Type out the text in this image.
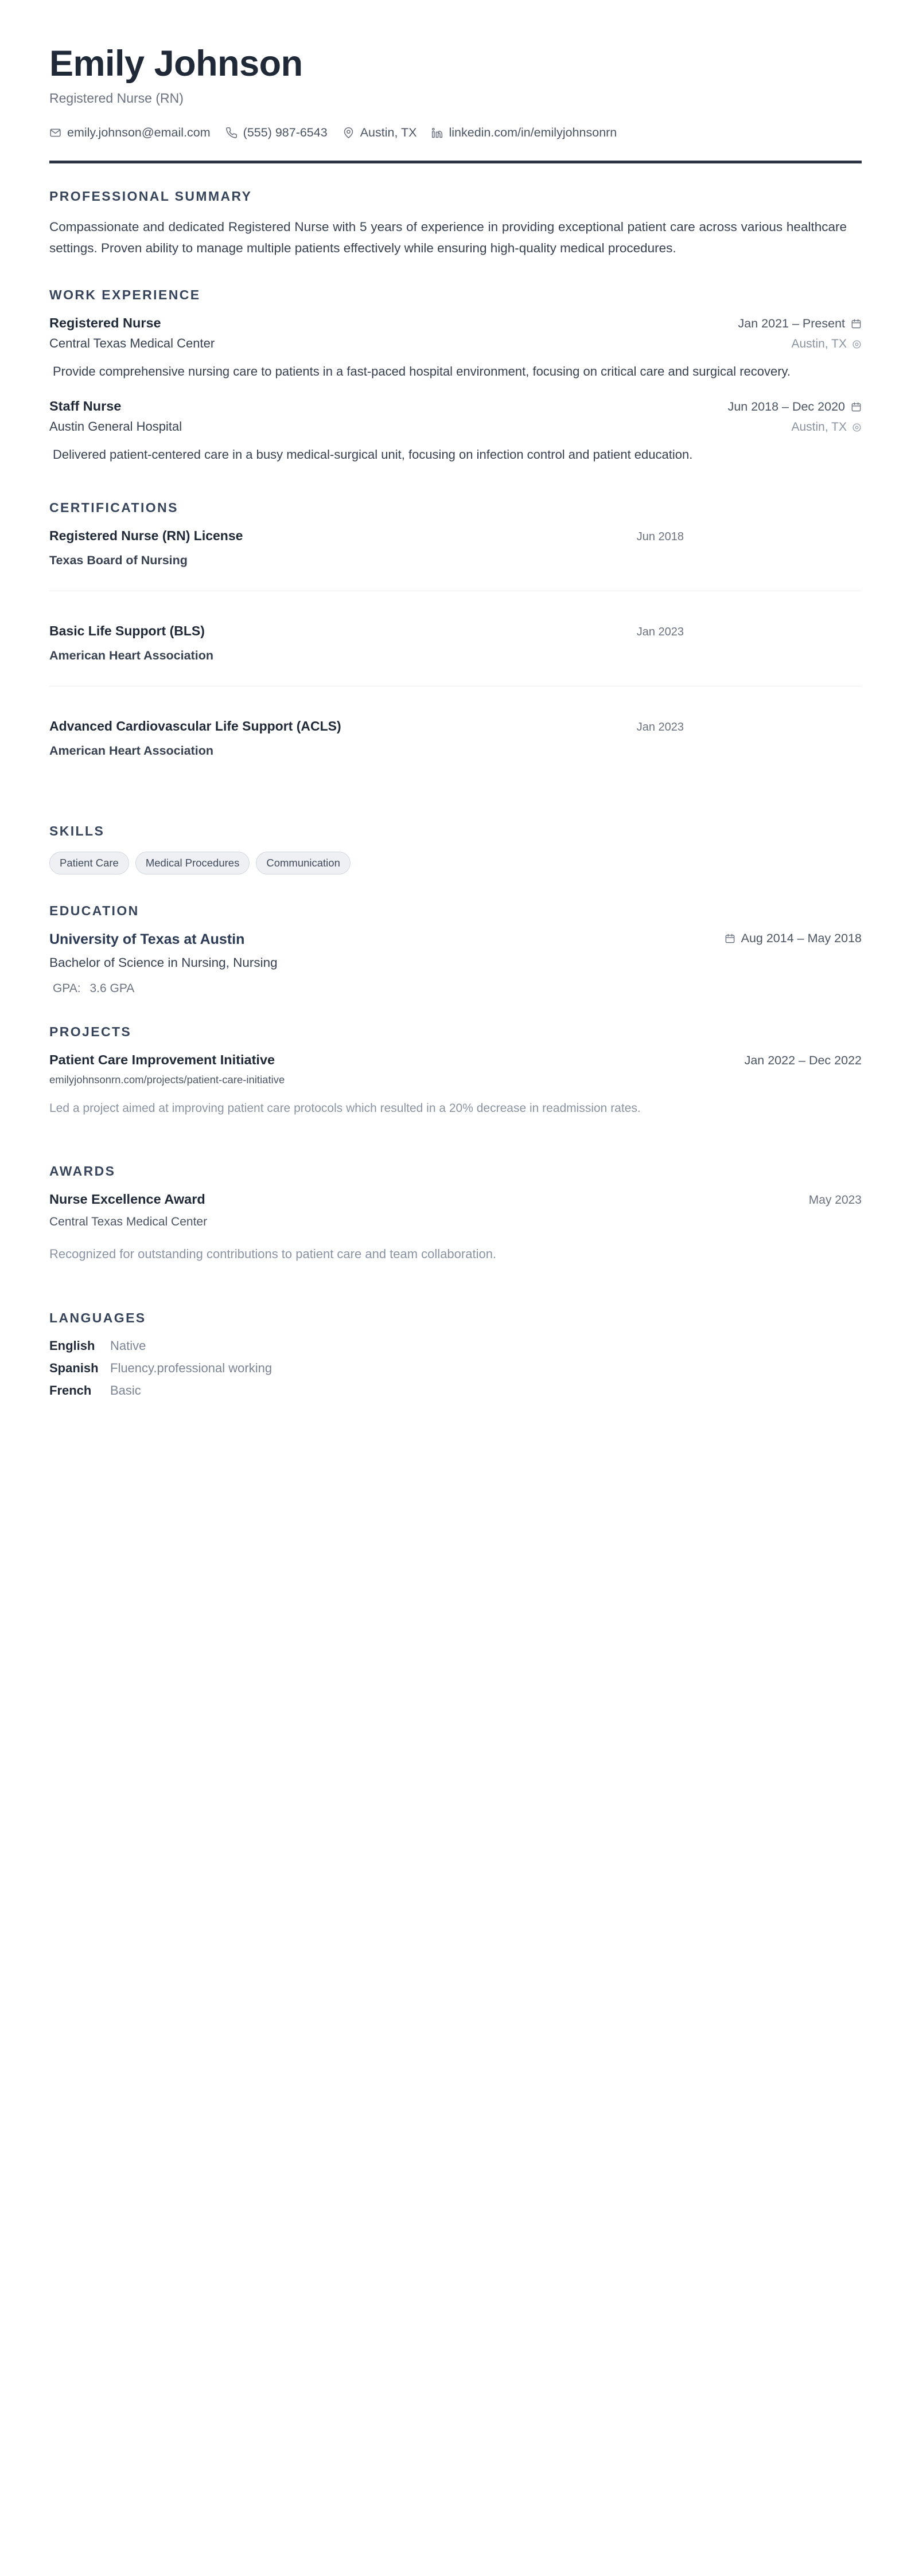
Emily Johnson
Registered Nurse (RN)
emily.johnson@email.com	(555) 987-6543	Austin, TX	linkedin.com/in/emilyjohnsonrn
PROFESSIONAL SUMMARY

Compassionate and dedicated Registered Nurse with 5 years of experience in providing exceptional patient care across various healthcare settings. Proven ability to manage multiple patients effectively while ensuring high-quality medical procedures.

WORK EXPERIENCE
Registered Nurse	Jan 2021 – Present
Central Texas Medical Center	Austin, TX

Provide comprehensive nursing care to patients in a fast-paced hospital environment, focusing on critical care and surgical recovery.

Staff Nurse	Jun 2018 – Dec 2020
Austin General Hospital	Austin, TX

Delivered patient-centered care in a busy medical-surgical unit, focusing on infection control and patient education.

CERTIFICATIONS
Registered Nurse (RN) License	Jun 2018
Texas Board of Nursing
Basic Life Support (BLS)	Jan 2023
American Heart Association
Advanced Cardiovascular Life Support (ACLS)	Jan 2023
American Heart Association
SKILLS
Patient Care	Medical Procedures	Communication
EDUCATION
University of Texas at Austin	Aug 2014 – May 2018
Bachelor of Science in Nursing, Nursing
GPA: 3.6 GPA
PROJECTS
Patient Care Improvement Initiative	Jan 2022 – Dec 2022
emilyjohnsonrn.com/projects/patient-care-initiative

Led a project aimed at improving patient care protocols which resulted in a 20% decrease in readmission rates.

AWARDS
Nurse Excellence Award	May 2023
Central Texas Medical Center

Recognized for outstanding contributions to patient care and team collaboration.

LANGUAGES
English	Native
Spanish Fluency.professional working
French	Basic
